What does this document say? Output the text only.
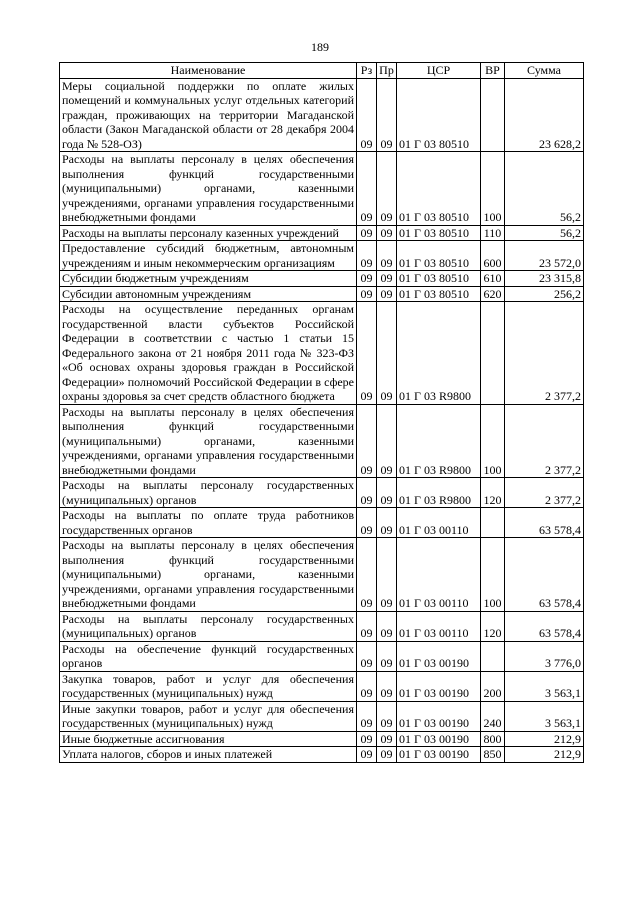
189
Наименование	Рз	Пр	ЦСР	ВР	Сумма
Меры социальной поддержки по оплате жилых помещений и коммунальных услуг отдельных категорий граждан, проживающих на территории Магаданской области (Закон Магаданской области от 28 декабря 2004 года № 528-ОЗ)	09	09	01 Г 03 80510		23 628,2
Расходы на выплаты персоналу в целях обеспечения выполнения функций государственными (муниципальными) органами, казенными учреждениями, органами управления государственными внебюджетными фондами	09	09	01 Г 03 80510	100	56,2
Расходы на выплаты персоналу казенных учреждений	09	09	01 Г 03 80510	110	56,2
Предоставление субсидий бюджетным, автономным учреждениям и иным некоммерческим организациям	09	09	01 Г 03 80510	600	23 572,0
Субсидии бюджетным учреждениям	09	09	01 Г 03 80510	610	23 315,8
Субсидии автономным учреждениям	09	09	01 Г 03 80510	620	256,2
Расходы на осуществление переданных органам государственной власти субъектов Российской Федерации в соответствии с частью 1 статьи 15 Федерального закона от 21 ноября 2011 года № 323-ФЗ «Об основах охраны здоровья граждан в Российской Федерации» полномочий Российской Федерации в сфере охраны здоровья за счет средств областного бюджета	09	09	01 Г 03 R9800		2 377,2
Расходы на выплаты персоналу в целях обеспечения выполнения функций государственными (муниципальными) органами, казенными учреждениями, органами управления государственными внебюджетными фондами	09	09	01 Г 03 R9800	100	2 377,2
Расходы на выплаты персоналу государственных (муниципальных) органов	09	09	01 Г 03 R9800	120	2 377,2
Расходы на выплаты по оплате труда работников государственных органов	09	09	01 Г 03 00110		63 578,4
Расходы на выплаты персоналу в целях обеспечения выполнения функций государственными (муниципальными) органами, казенными учреждениями, органами управления государственными внебюджетными фондами	09	09	01 Г 03 00110	100	63 578,4
Расходы на выплаты персоналу государственных (муниципальных) органов	09	09	01 Г 03 00110	120	63 578,4
Расходы на обеспечение функций государственных органов	09	09	01 Г 03 00190		3 776,0
Закупка товаров, работ и услуг для обеспечения государственных (муниципальных) нужд	09	09	01 Г 03 00190	200	3 563,1
Иные закупки товаров, работ и услуг для обеспечения государственных (муниципальных) нужд	09	09	01 Г 03 00190	240	3 563,1
Иные бюджетные ассигнования	09	09	01 Г 03 00190	800	212,9
Уплата налогов, сборов и иных платежей	09	09	01 Г 03 00190	850	212,9
